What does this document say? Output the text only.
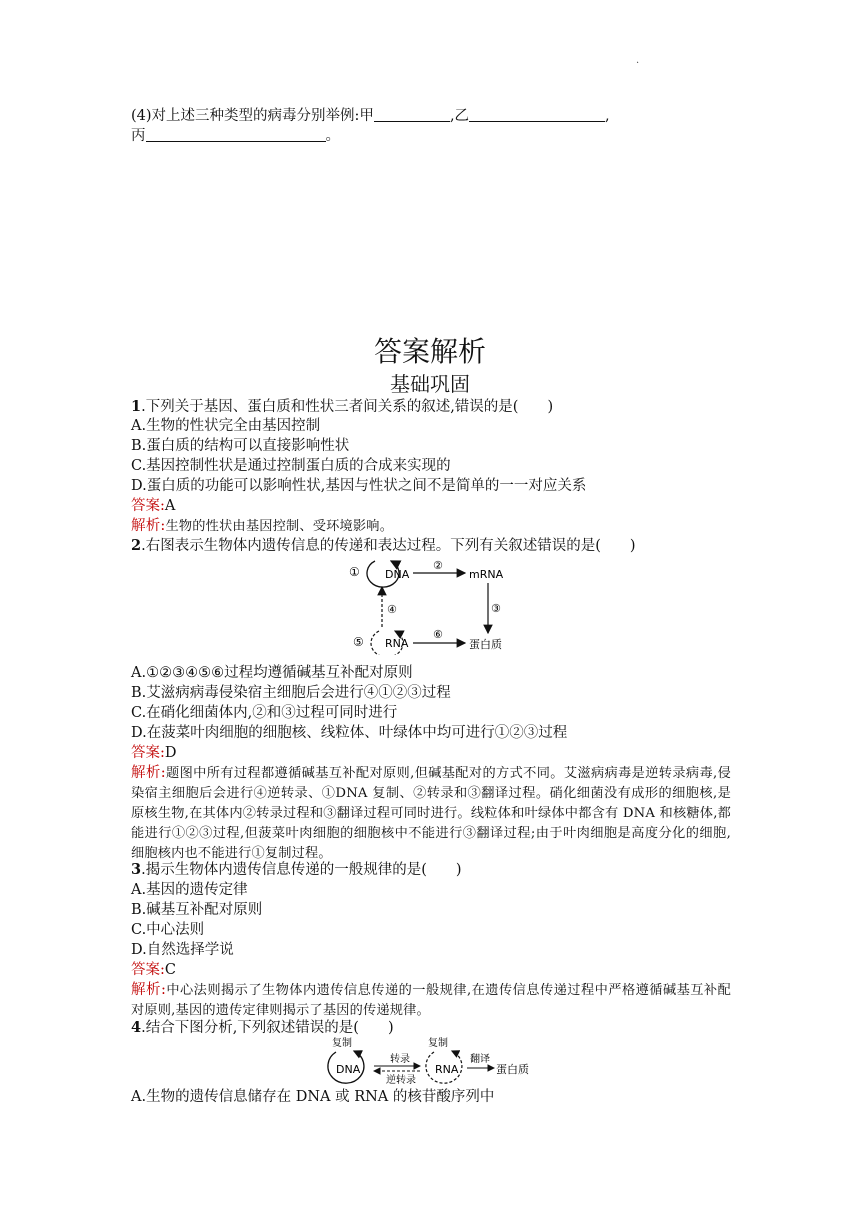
·
(4)对上述三种类型的病毒分别举例:甲	,乙	,
丙	。
答案解析
基础巩固
1.下列关于基因、蛋白质和性状三者间关系的叙述,错误的是(　　)
A.生物的性状完全由基因控制
B.蛋白质的结构可以直接影响性状
C.基因控制性状是通过控制蛋白质的合成来实现的
D.蛋白质的功能可以影响性状,基因与性状之间不是简单的一一对应关系
答案:A
解析:生物的性状由基因控制、受环境影响。
2.右图表示生物体内遗传信息的传递和表达过程。下列有关叙述错误的是(　　)
① DNA
②
mRNA
③
④
⑤ RNA
⑥
蛋白质
A.①②③④⑤⑥过程均遵循碱基互补配对原则
B.艾滋病病毒侵染宿主细胞后会进行④①②③过程
C.在硝化细菌体内,②和③过程可同时进行
D.在菠菜叶肉细胞的细胞核、线粒体、叶绿体中均可进行①②③过程
答案:D
解析:题图中所有过程都遵循碱基互补配对原则,但碱基配对的方式不同。艾滋病病毒是逆转录病毒,侵染宿主细胞后会进行④逆转录、①DNA 复制、②转录和③翻译过程。硝化细菌没有成形的细胞核,是原核生物,在其体内②转录过程和③翻译过程可同时进行。线粒体和叶绿体中都含有 DNA 和核糖体,都能进行①②③过程,但菠菜叶肉细胞的细胞核中不能进行③翻译过程;由于叶肉细胞是高度分化的细胞,细胞核内也不能进行①复制过程。
3.揭示生物体内遗传信息传递的一般规律的是(　　)
A.基因的遗传定律
B.碱基互补配对原则
C.中心法则
D.自然选择学说
答案:C
解析:中心法则揭示了生物体内遗传信息传递的一般规律,在遗传信息传递过程中严格遵循碱基互补配对原则,基因的遗传定律则揭示了基因的传递规律。
4.结合下图分析,下列叙述错误的是(　　)
复制
DNA
转录
逆转录
复制
RNA
翻译
蛋白质
A.生物的遗传信息储存在 DNA 或 RNA 的核苷酸序列中
